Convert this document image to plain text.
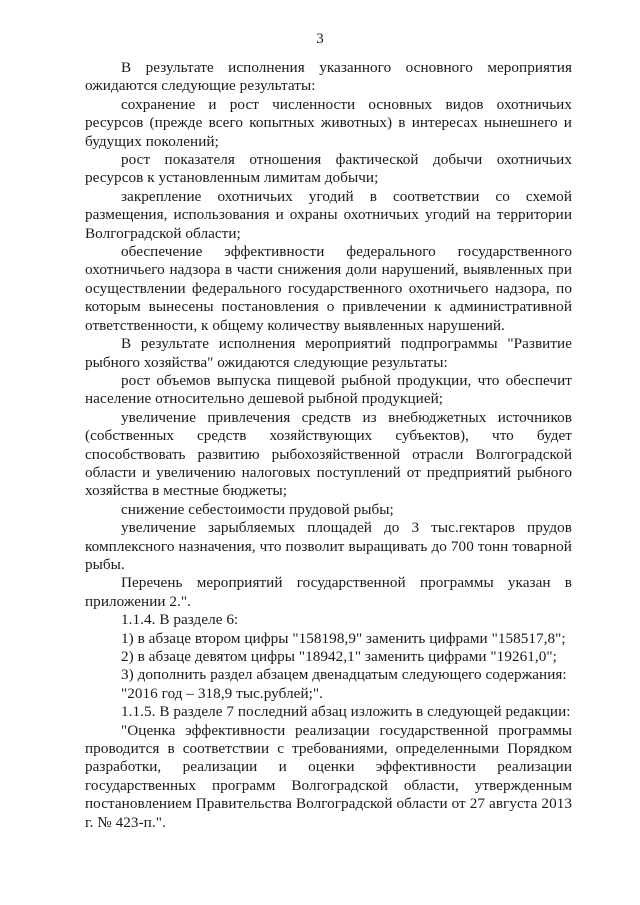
3

В результате исполнения указанного основного мероприятия ожидаются следующие результаты:

сохранение и рост численности основных видов охотничьих ресурсов (прежде всего копытных животных) в интересах нынешнего и будущих поколений;

рост показателя отношения фактической добычи охотничьих ресурсов к установленным лимитам добычи;

закрепление охотничьих угодий в соответствии со схемой размещения, использования и охраны охотничьих угодий на территории Волгоградской области;

обеспечение эффективности федерального государственного охотничьего надзора в части снижения доли нарушений, выявленных при осуществлении федерального государственного охотничьего надзора, по которым вынесены постановления о привлечении к административной ответственности, к общему количеству выявленных нарушений.

В результате исполнения мероприятий подпрограммы "Развитие рыбного хозяйства" ожидаются следующие результаты:

рост объемов выпуска пищевой рыбной продукции, что обеспечит население относительно дешевой рыбной продукцией;

увеличение привлечения средств из внебюджетных источников (собственных средств хозяйствующих субъектов), что будет способствовать развитию рыбохозяйственной отрасли Волгоградской области и увеличению налоговых поступлений от предприятий рыбного хозяйства в местные бюджеты;

снижение себестоимости прудовой рыбы;

увеличение зарыбляемых площадей до 3 тыс.гектаров прудов комплексного назначения, что позволит выращивать до 700 тонн товарной рыбы.

Перечень мероприятий государственной программы указан в приложении 2.".

1.1.4. В разделе 6:

1) в абзаце втором цифры "158198,9" заменить цифрами "158517,8";

2) в абзаце девятом цифры "18942,1" заменить цифрами "19261,0";

3) дополнить раздел абзацем двенадцатым следующего содержания:

"2016 год – 318,9 тыс.рублей;".

1.1.5. В разделе 7 последний абзац изложить в следующей редакции:

"Оценка эффективности реализации государственной программы проводится в соответствии с требованиями, определенными Порядком разработки, реализации и оценки эффективности реализации государственных программ Волгоградской области, утвержденным постановлением Правительства Волгоградской области от 27 августа 2013 г. № 423-п.".
